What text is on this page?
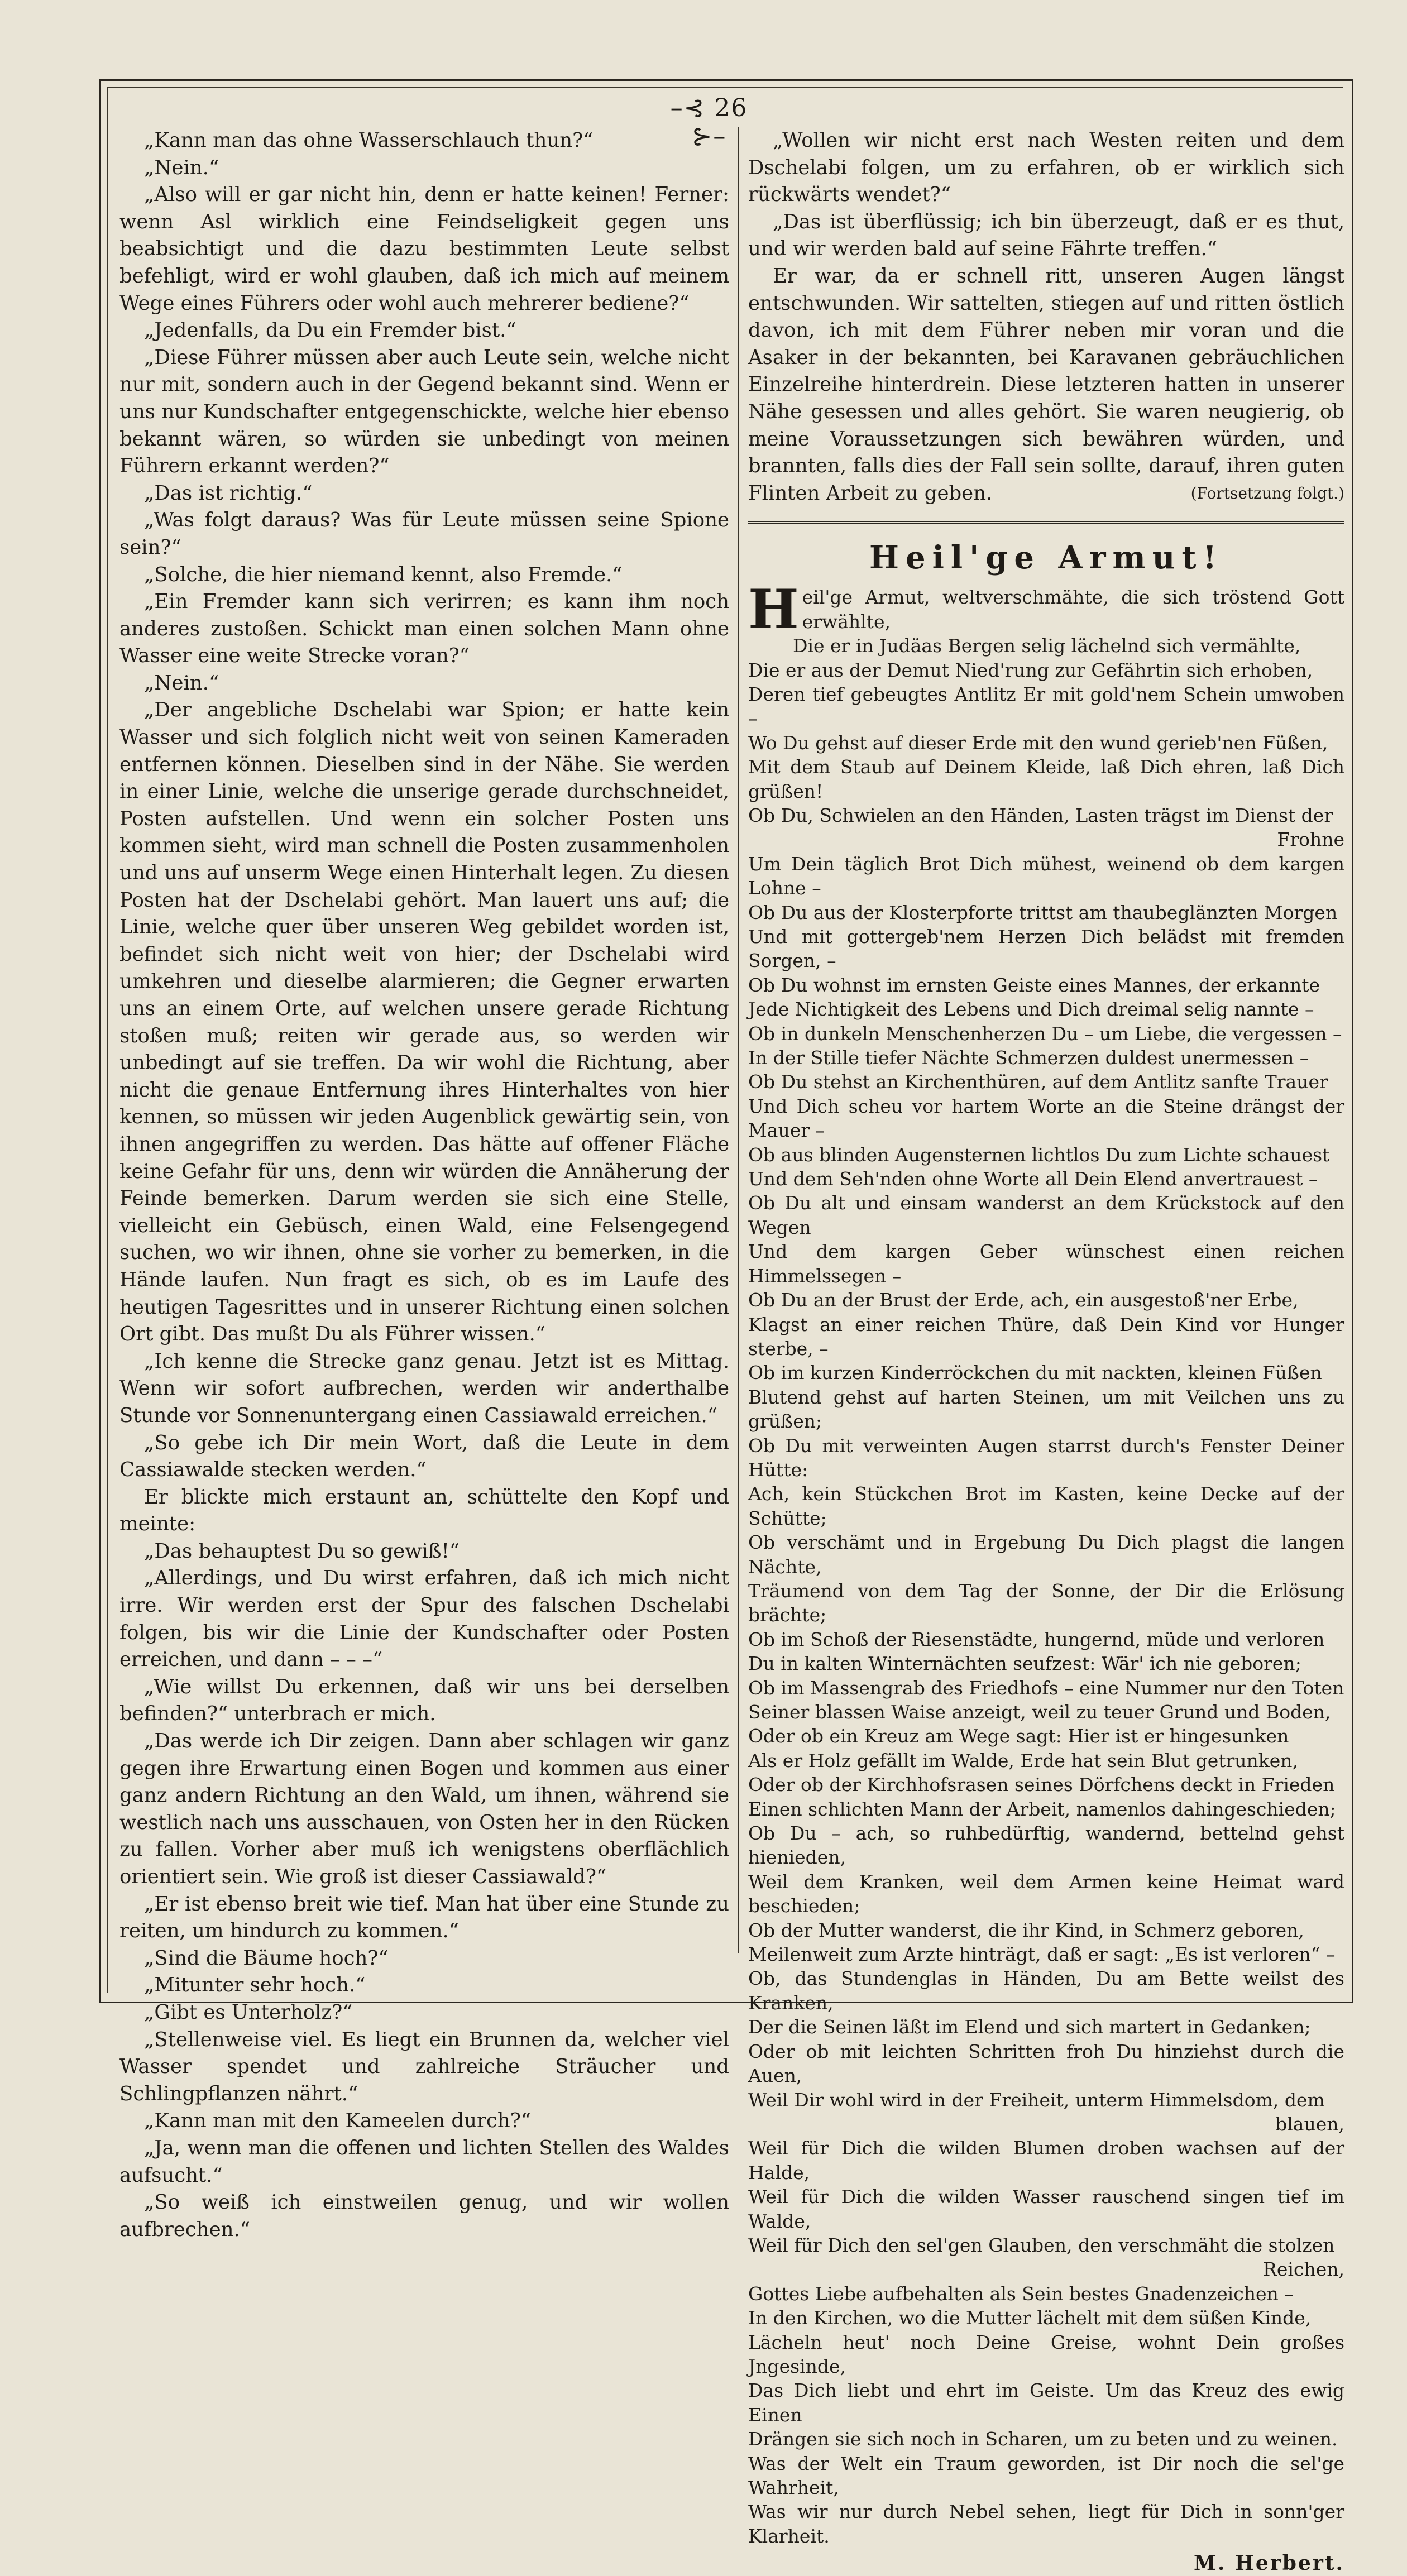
–⊰ 26 ⊱–

„Kann man das ohne Wasserschlauch thun?“

„Nein.“

„Also will er gar nicht hin, denn er hatte keinen! Ferner: wenn Asl wirklich eine Feindseligkeit gegen uns beabsichtigt und die dazu bestimmten Leute selbst befehligt, wird er wohl glauben, daß ich mich auf meinem Wege eines Führers oder wohl auch mehrerer bediene?“

„Jedenfalls, da Du ein Fremder bist.“

„Diese Führer müssen aber auch Leute sein, welche nicht nur mit, sondern auch in der Gegend bekannt sind. Wenn er uns nur Kundschafter entgegenschickte, welche hier ebenso bekannt wären, so würden sie unbedingt von meinen Führern erkannt werden?“

„Das ist richtig.“

„Was folgt daraus? Was für Leute müssen seine Spione sein?“

„Solche, die hier niemand kennt, also Fremde.“

„Ein Fremder kann sich verirren; es kann ihm noch anderes zustoßen. Schickt man einen solchen Mann ohne Wasser eine weite Strecke voran?“

„Nein.“

„Der angebliche Dschelabi war Spion; er hatte kein Wasser und sich folglich nicht weit von seinen Kameraden entfernen können. Dieselben sind in der Nähe. Sie werden in einer Linie, welche die unserige gerade durchschneidet, Posten aufstellen. Und wenn ein solcher Posten uns kommen sieht, wird man schnell die Posten zusammenholen und uns auf unserm Wege einen Hinterhalt legen. Zu diesen Posten hat der Dschelabi gehört. Man lauert uns auf; die Linie, welche quer über unseren Weg gebildet worden ist, befindet sich nicht weit von hier; der Dschelabi wird umkehren und dieselbe alarmieren; die Gegner erwarten uns an einem Orte, auf welchen unsere gerade Richtung stoßen muß; reiten wir gerade aus, so werden wir unbedingt auf sie treffen. Da wir wohl die Richtung, aber nicht die genaue Entfernung ihres Hinterhaltes von hier kennen, so müssen wir jeden Augenblick gewärtig sein, von ihnen angegriffen zu werden. Das hätte auf offener Fläche keine Gefahr für uns, denn wir würden die Annäherung der Feinde bemerken. Darum werden sie sich eine Stelle, vielleicht ein Gebüsch, einen Wald, eine Felsengegend suchen, wo wir ihnen, ohne sie vorher zu bemerken, in die Hände laufen. Nun fragt es sich, ob es im Laufe des heutigen Tagesrittes und in unserer Richtung einen solchen Ort gibt. Das mußt Du als Führer wissen.“

„Ich kenne die Strecke ganz genau. Jetzt ist es Mittag. Wenn wir sofort aufbrechen, werden wir anderthalbe Stunde vor Sonnenuntergang einen Cassiawald erreichen.“

„So gebe ich Dir mein Wort, daß die Leute in dem Cassiawalde stecken werden.“

Er blickte mich erstaunt an, schüttelte den Kopf und meinte:

„Das behauptest Du so gewiß!“

„Allerdings, und Du wirst erfahren, daß ich mich nicht irre. Wir werden erst der Spur des falschen Dschelabi folgen, bis wir die Linie der Kundschafter oder Posten erreichen, und dann – – –“

„Wie willst Du erkennen, daß wir uns bei derselben befinden?“ unterbrach er mich.

„Das werde ich Dir zeigen. Dann aber schlagen wir ganz gegen ihre Erwartung einen Bogen und kommen aus einer ganz andern Richtung an den Wald, um ihnen, während sie westlich nach uns ausschauen, von Osten her in den Rücken zu fallen. Vorher aber muß ich wenigstens oberflächlich orientiert sein. Wie groß ist dieser Cassiawald?“

„Er ist ebenso breit wie tief. Man hat über eine Stunde zu reiten, um hindurch zu kommen.“

„Sind die Bäume hoch?“

„Mitunter sehr hoch.“

„Gibt es Unterholz?“

„Stellenweise viel. Es liegt ein Brunnen da, welcher viel Wasser spendet und zahlreiche Sträucher und Schlingpflanzen nährt.“

„Kann man mit den Kameelen durch?“

„Ja, wenn man die offenen und lichten Stellen des Waldes aufsucht.“

„So weiß ich einstweilen genug, und wir wollen aufbrechen.“

„Wollen wir nicht erst nach Westen reiten und dem Dschelabi folgen, um zu erfahren, ob er wirklich sich rückwärts wendet?“

„Das ist überflüssig; ich bin überzeugt, daß er es thut, und wir werden bald auf seine Fährte treffen.“

Er war, da er schnell ritt, unseren Augen längst entschwunden. Wir sattelten, stiegen auf und ritten östlich davon, ich mit dem Führer neben mir voran und die Asaker in der bekannten, bei Karavanen gebräuchlichen Einzelreihe hinterdrein. Diese letzteren hatten in unserer Nähe gesessen und alles gehört. Sie waren neugierig, ob meine Voraussetzungen sich bewähren würden, und brannten, falls dies der Fall sein sollte, darauf, ihren guten Flinten Arbeit zu geben.	(Fortsetzung folgt.)

Heil'ge Armut!

Heil'ge Armut, weltverschmähte, die sich tröstend Gott erwählte,

Die er in Judäas Bergen selig lächelnd sich vermählte,

Die er aus der Demut Nied'rung zur Gefährtin sich erhoben,

Deren tief gebeugtes Antlitz Er mit gold'nem Schein umwoben –

Wo Du gehst auf dieser Erde mit den wund gerieb'nen Füßen,

Mit dem Staub auf Deinem Kleide, laß Dich ehren, laß Dich grüßen!

Ob Du, Schwielen an den Händen, Lasten trägst im Dienst der

Frohne

Um Dein täglich Brot Dich mühest, weinend ob dem kargen Lohne –

Ob Du aus der Klosterpforte trittst am thaubeglänzten Morgen

Und mit gottergeb'nem Herzen Dich belädst mit fremden Sorgen, –

Ob Du wohnst im ernsten Geiste eines Mannes, der erkannte

Jede Nichtigkeit des Lebens und Dich dreimal selig nannte –

Ob in dunkeln Menschenherzen Du – um Liebe, die vergessen –

In der Stille tiefer Nächte Schmerzen duldest unermessen –

Ob Du stehst an Kirchenthüren, auf dem Antlitz sanfte Trauer

Und Dich scheu vor hartem Worte an die Steine drängst der Mauer –

Ob aus blinden Augensternen lichtlos Du zum Lichte schauest

Und dem Seh'nden ohne Worte all Dein Elend anvertrauest –

Ob Du alt und einsam wanderst an dem Krückstock auf den Wegen

Und dem kargen Geber wünschest einen reichen Himmelssegen –

Ob Du an der Brust der Erde, ach, ein ausgestoß'ner Erbe,

Klagst an einer reichen Thüre, daß Dein Kind vor Hunger sterbe, –

Ob im kurzen Kinderröckchen du mit nackten, kleinen Füßen

Blutend gehst auf harten Steinen, um mit Veilchen uns zu grüßen;

Ob Du mit verweinten Augen starrst durch's Fenster Deiner Hütte:

Ach, kein Stückchen Brot im Kasten, keine Decke auf der Schütte;

Ob verschämt und in Ergebung Du Dich plagst die langen Nächte,

Träumend von dem Tag der Sonne, der Dir die Erlösung brächte;

Ob im Schoß der Riesenstädte, hungernd, müde und verloren

Du in kalten Winternächten seufzest: Wär' ich nie geboren;

Ob im Massengrab des Friedhofs – eine Nummer nur den Toten

Seiner blassen Waise anzeigt, weil zu teuer Grund und Boden,

Oder ob ein Kreuz am Wege sagt: Hier ist er hingesunken

Als er Holz gefällt im Walde, Erde hat sein Blut getrunken,

Oder ob der Kirchhofsrasen seines Dörfchens deckt in Frieden

Einen schlichten Mann der Arbeit, namenlos dahingeschieden;

Ob Du – ach, so ruhbedürftig, wandernd, bettelnd gehst hienieden,

Weil dem Kranken, weil dem Armen keine Heimat ward beschieden;

Ob der Mutter wanderst, die ihr Kind, in Schmerz geboren,

Meilenweit zum Arzte hinträgt, daß er sagt: „Es ist verloren“ –

Ob, das Stundenglas in Händen, Du am Bette weilst des Kranken,

Der die Seinen läßt im Elend und sich martert in Gedanken;

Oder ob mit leichten Schritten froh Du hinziehst durch die Auen,

Weil Dir wohl wird in der Freiheit, unterm Himmelsdom, dem

blauen,

Weil für Dich die wilden Blumen droben wachsen auf der Halde,

Weil für Dich die wilden Wasser rauschend singen tief im Walde,

Weil für Dich den sel'gen Glauben, den verschmäht die stolzen

Reichen,

Gottes Liebe aufbehalten als Sein bestes Gnadenzeichen –

In den Kirchen, wo die Mutter lächelt mit dem süßen Kinde,

Lächeln heut' noch Deine Greise, wohnt Dein großes Jngesinde,

Das Dich liebt und ehrt im Geiste. Um das Kreuz des ewig Einen

Drängen sie sich noch in Scharen, um zu beten und zu weinen.

Was der Welt ein Traum geworden, ist Dir noch die sel'ge Wahrheit,

Was wir nur durch Nebel sehen, liegt für Dich in sonn'ger Klarheit.

M. Herbert.
